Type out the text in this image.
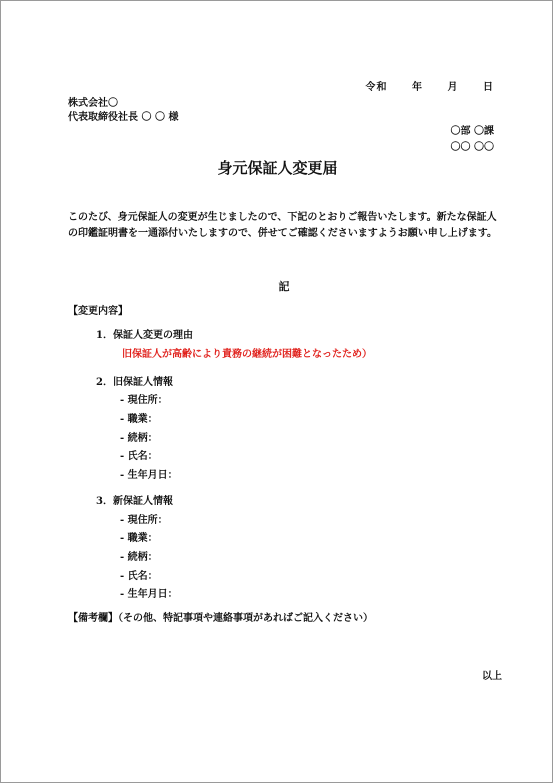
令和 年 月 日
株式会社〇
代表取締役社長 〇 〇 様
〇部 〇課
〇〇 〇〇
身元保証人変更届
このたび、身元保証人の変更が生じましたので、下記のとおりご報告いたします。新たな保証人の印鑑証明書を一通添付いたしますので、併せてご確認くださいますようお願い申し上げます。
記
【変更内容】
1．保証人変更の理由
旧保証人が高齢により責務の継続が困難となったため）
2．旧保証人情報
- 現住所：
- 職業：
- 続柄：
- 氏名：
- 生年月日：
3．新保証人情報
- 現住所：
- 職業：
- 続柄：
- 氏名：
- 生年月日：
【備考欄】（その他、特記事項や連絡事項があればご記入ください）
以上
